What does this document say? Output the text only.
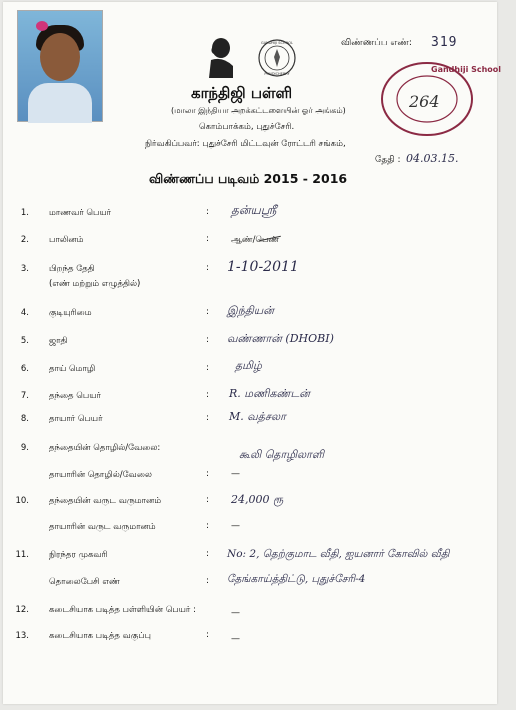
GANDHIJI SCHOOL
PONDICHERRY
விண்ணப்ப எண்: 319
Gandhiji School
264
காந்திஜி பள்ளி
(மாலா இந்தியா அறக்கட்டளையின் ஓர் அங்கம்)
கொம்பாக்கம், புதுச்சேரி.
நிர்வகிப்பவர்: புதுச்சேரி மிட்டவுன் ரோட்டரி சங்கம்,
தேதி : 04.03.15.
விண்ணப்ப படிவம் 2015 - 2016
1. மாணவர் பெயர்	: தன்யஸ்ரீ
2. பாலினம்	:	ஆண்/பெண்
3. பிறந்த தேதி
(எண் மற்றும் எழுத்தில்)
: 1-10-2011
4. குடியுரிமை	: இந்தியன்
5. ஜாதி	: வண்ணான் (DHOBI)
6. தாய் மொழி	: தமிழ்
7. தந்தை பெயர்	: R. மணிகண்டன்
8. தாயார் பெயர்	: M. வத்சலா
9. தந்தையின் தொழில்/வேலை:	கூலி தொழிலாளி
தாயாரின் தொழில்/வேலை	: —
10. தந்தையின் வருட வருமானம்	: 24,000 ரூ
தாயாரின் வருட வருமானம்	: —
11. நிரந்தர முகவரி	: No: 2, தெற்குமாட வீதி, ஐயனார் கோவில் வீதி
தொலைபேசி எண்	: தேங்காய்த்திட்டு, புதுச்சேரி-4
12. கடைசியாக படித்த பள்ளியின் பெயர் :	—
13. கடைசியாக படித்த வகுப்பு	: —
